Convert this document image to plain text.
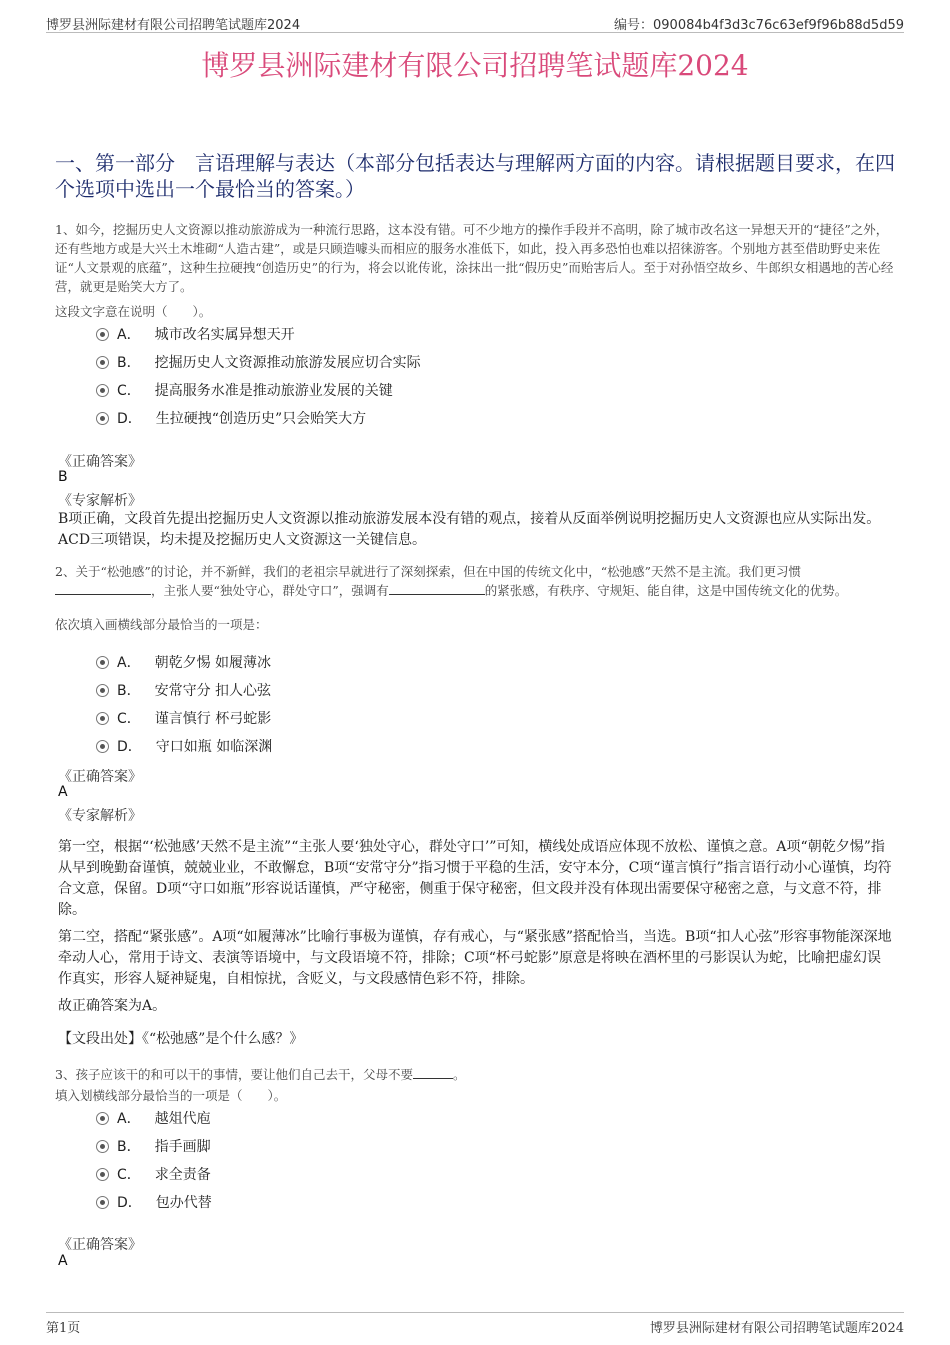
博罗县洲际建材有限公司招聘笔试题库2024	编号：090084b4f3d3c76c63ef9f96b88d5d59
博罗县洲际建材有限公司招聘笔试题库2024
一、第一部分　言语理解与表达（本部分包括表达与理解两方面的内容。请根据题目要求，在四个选项中选出一个最恰当的答案。）
1、如今，挖掘历史人文资源以推动旅游成为一种流行思路，这本没有错。可不少地方的操作手段并不高明，除了城市改名这一异想天开的“捷径”之外，还有些地方或是大兴土木堆砌“人造古建”，或是只顾造噱头而相应的服务水准低下，如此，投入再多恐怕也难以招徕游客。个别地方甚至借助野史来佐证“人文景观的底蕴”，这种生拉硬拽“创造历史”的行为，将会以讹传讹，涂抹出一批“假历史”而贻害后人。至于对孙悟空故乡、牛郎织女相遇地的苦心经营，就更是贻笑大方了。
这段文字意在说明（　　）。
A． 城市改名实属异想天开
B． 挖掘历史人文资源推动旅游发展应切合实际
C． 提高服务水准是推动旅游业发展的关键
D． 生拉硬拽“创造历史”只会贻笑大方
《正确答案》
B
《专家解析》
B项正确，文段首先提出挖掘历史人文资源以推动旅游发展本没有错的观点，接着从反面举例说明挖掘历史人文资源也应从实际出发。ACD三项错误，均未提及挖掘历史人文资源这一关键信息。
2、关于“松弛感”的讨论，并不新鲜，我们的老祖宗早就进行了深刻探索，但在中国的传统文化中，“松弛感”天然不是主流。我们更习惯
，主张人要“独处守心，群处守口”，强调有	的紧张感，有秩序、守规矩、能自律，这是中国传统文化的优势。
依次填入画横线部分最恰当的一项是：
A． 朝乾夕惕 如履薄冰
B． 安常守分 扣人心弦
C． 谨言慎行 杯弓蛇影
D． 守口如瓶 如临深渊
《正确答案》
A
《专家解析》
第一空，根据“‘松弛感’天然不是主流”“主张人要‘独处守心，群处守口’”可知，横线处成语应体现不放松、谨慎之意。A项“朝乾夕惕”指从早到晚勤奋谨慎，兢兢业业，不敢懈怠，B项“安常守分”指习惯于平稳的生活，安守本分，C项“谨言慎行”指言语行动小心谨慎，均符合文意，保留。D项“守口如瓶”形容说话谨慎，严守秘密，侧重于保守秘密，但文段并没有体现出需要保守秘密之意，与文意不符，排除。
第二空，搭配“紧张感”。A项“如履薄冰”比喻行事极为谨慎，存有戒心，与“紧张感”搭配恰当，当选。B项“扣人心弦”形容事物能深深地牵动人心，常用于诗文、表演等语境中，与文段语境不符，排除；C项“杯弓蛇影”原意是将映在酒杯里的弓影误认为蛇，比喻把虚幻误作真实，形容人疑神疑鬼，自相惊扰，含贬义，与文段感情色彩不符，排除。
故正确答案为A。
【文段出处】《“松弛感”是个什么感？》
3、孩子应该干的和可以干的事情，要让他们自己去干，父母不要	。
填入划横线部分最恰当的一项是（　　）。
A． 越俎代庖
B． 指手画脚
C． 求全责备
D． 包办代替
《正确答案》
A
第1页	博罗县洲际建材有限公司招聘笔试题库2024
